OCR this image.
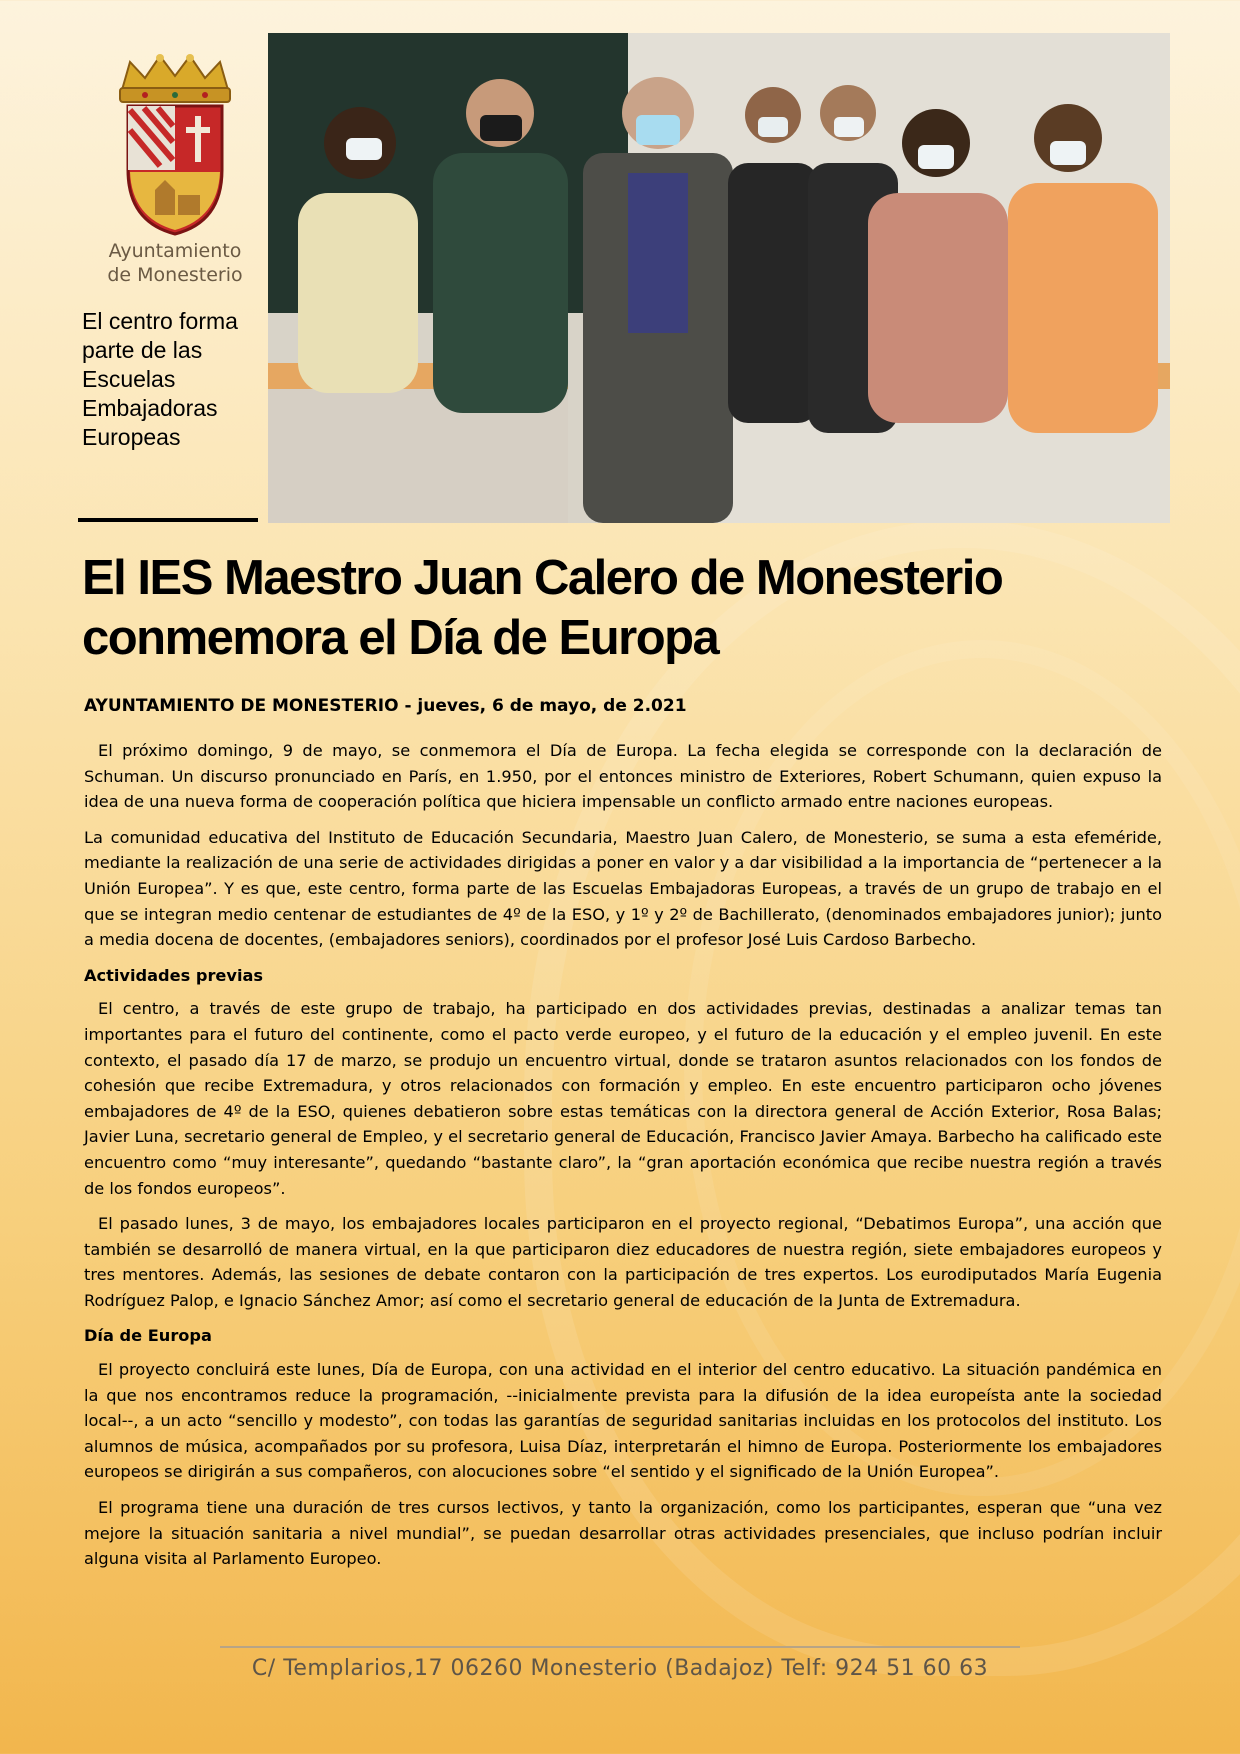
Ayuntamiento
de Monesterio
El centro forma parte de las Escuelas Embajadoras Europeas
El IES Maestro Juan Calero de Monesterio conmemora el Día de Europa

AYUNTAMIENTO DE MONESTERIO - jueves, 6 de mayo, de 2.021

El próximo domingo, 9 de mayo, se conmemora el Día de Europa. La fecha elegida se corresponde con la declaración de Schuman. Un discurso pronunciado en París, en 1.950, por el entonces ministro de Exteriores, Robert Schumann, quien expuso la idea de una nueva forma de cooperación política que hiciera impensable un conflicto armado entre naciones europeas.

La comunidad educativa del Instituto de Educación Secundaria, Maestro Juan Calero, de Monesterio, se suma a esta efeméride, mediante la realización de una serie de actividades dirigidas a poner en valor y a dar visibilidad a la importancia de “pertenecer a la Unión Europea”. Y es que, este centro, forma parte de las Escuelas Embajadoras Europeas, a través de un grupo de trabajo en el que se integran medio centenar de estudiantes de 4º de la ESO, y 1º y 2º de Bachillerato, (denominados embajadores junior); junto a media docena de docentes, (embajadores seniors), coordinados por el profesor José Luis Cardoso Barbecho.

Actividades previas

El centro, a través de este grupo de trabajo, ha participado en dos actividades previas, destinadas a analizar temas tan importantes para el futuro del continente, como el pacto verde europeo, y el futuro de la educación y el empleo juvenil. En este contexto, el pasado día 17 de marzo, se produjo un encuentro virtual, donde se trataron asuntos relacionados con los fondos de cohesión que recibe Extremadura, y otros relacionados con formación y empleo. En este encuentro participaron ocho jóvenes embajadores de 4º de la ESO, quienes debatieron sobre estas temáticas con la directora general de Acción Exterior, Rosa Balas; Javier Luna, secretario general de Empleo, y el secretario general de Educación, Francisco Javier Amaya. Barbecho ha calificado este encuentro como “muy interesante”, quedando “bastante claro”, la “gran aportación económica que recibe nuestra región a través de los fondos europeos”.

El pasado lunes, 3 de mayo, los embajadores locales participaron en el proyecto regional, “Debatimos Europa”, una acción que también se desarrolló de manera virtual, en la que participaron diez educadores de nuestra región, siete embajadores europeos y tres mentores. Además, las sesiones de debate contaron con la participación de tres expertos. Los eurodiputados María Eugenia Rodríguez Palop, e Ignacio Sánchez Amor; así como el secretario general de educación de la Junta de Extremadura.

Día de Europa

El proyecto concluirá este lunes, Día de Europa, con una actividad en el interior del centro educativo. La situación pandémica en la que nos encontramos reduce la programación, --inicialmente prevista para la difusión de la idea europeísta ante la sociedad local--, a un acto “sencillo y modesto”, con todas las garantías de seguridad sanitarias incluidas en los protocolos del instituto. Los alumnos de música, acompañados por su profesora, Luisa Díaz, interpretarán el himno de Europa. Posteriormente los embajadores europeos se dirigirán a sus compañeros, con alocuciones sobre “el sentido y el significado de la Unión Europea”.

El programa tiene una duración de tres cursos lectivos, y tanto la organización, como los participantes, esperan que “una vez mejore la situación sanitaria a nivel mundial”, se puedan desarrollar otras actividades presenciales, que incluso podrían incluir alguna visita al Parlamento Europeo.

C/ Templarios,17 06260 Monesterio (Badajoz) Telf: 924 51 60 63
